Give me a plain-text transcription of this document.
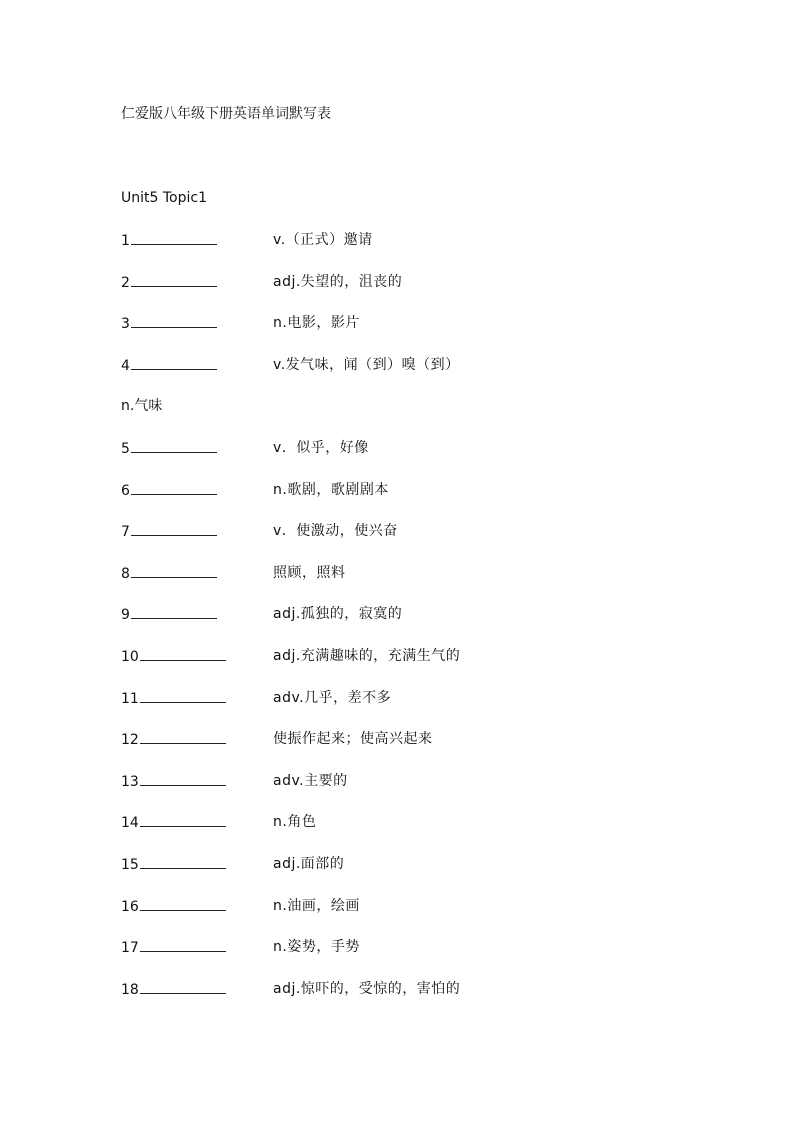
仁爱版八年级下册英语单词默写表
Unit5 Topic1
1	v.（正式）邀请
2	adj.失望的，沮丧的
3	n.电影，影片
4	v.发气味，闻（到）嗅（到）
n.气味
5	v．似乎，好像
6	n.歌剧，歌剧剧本
7	v．使激动，使兴奋
8	照顾，照料
9	adj.孤独的，寂寞的
10	adj.充满趣味的，充满生气的
11	adv.几乎，差不多
12	使振作起来；使高兴起来
13	adv.主要的
14	n.角色
15	adj.面部的
16	n.油画，绘画
17	n.姿势，手势
18	adj.惊吓的，受惊的，害怕的
